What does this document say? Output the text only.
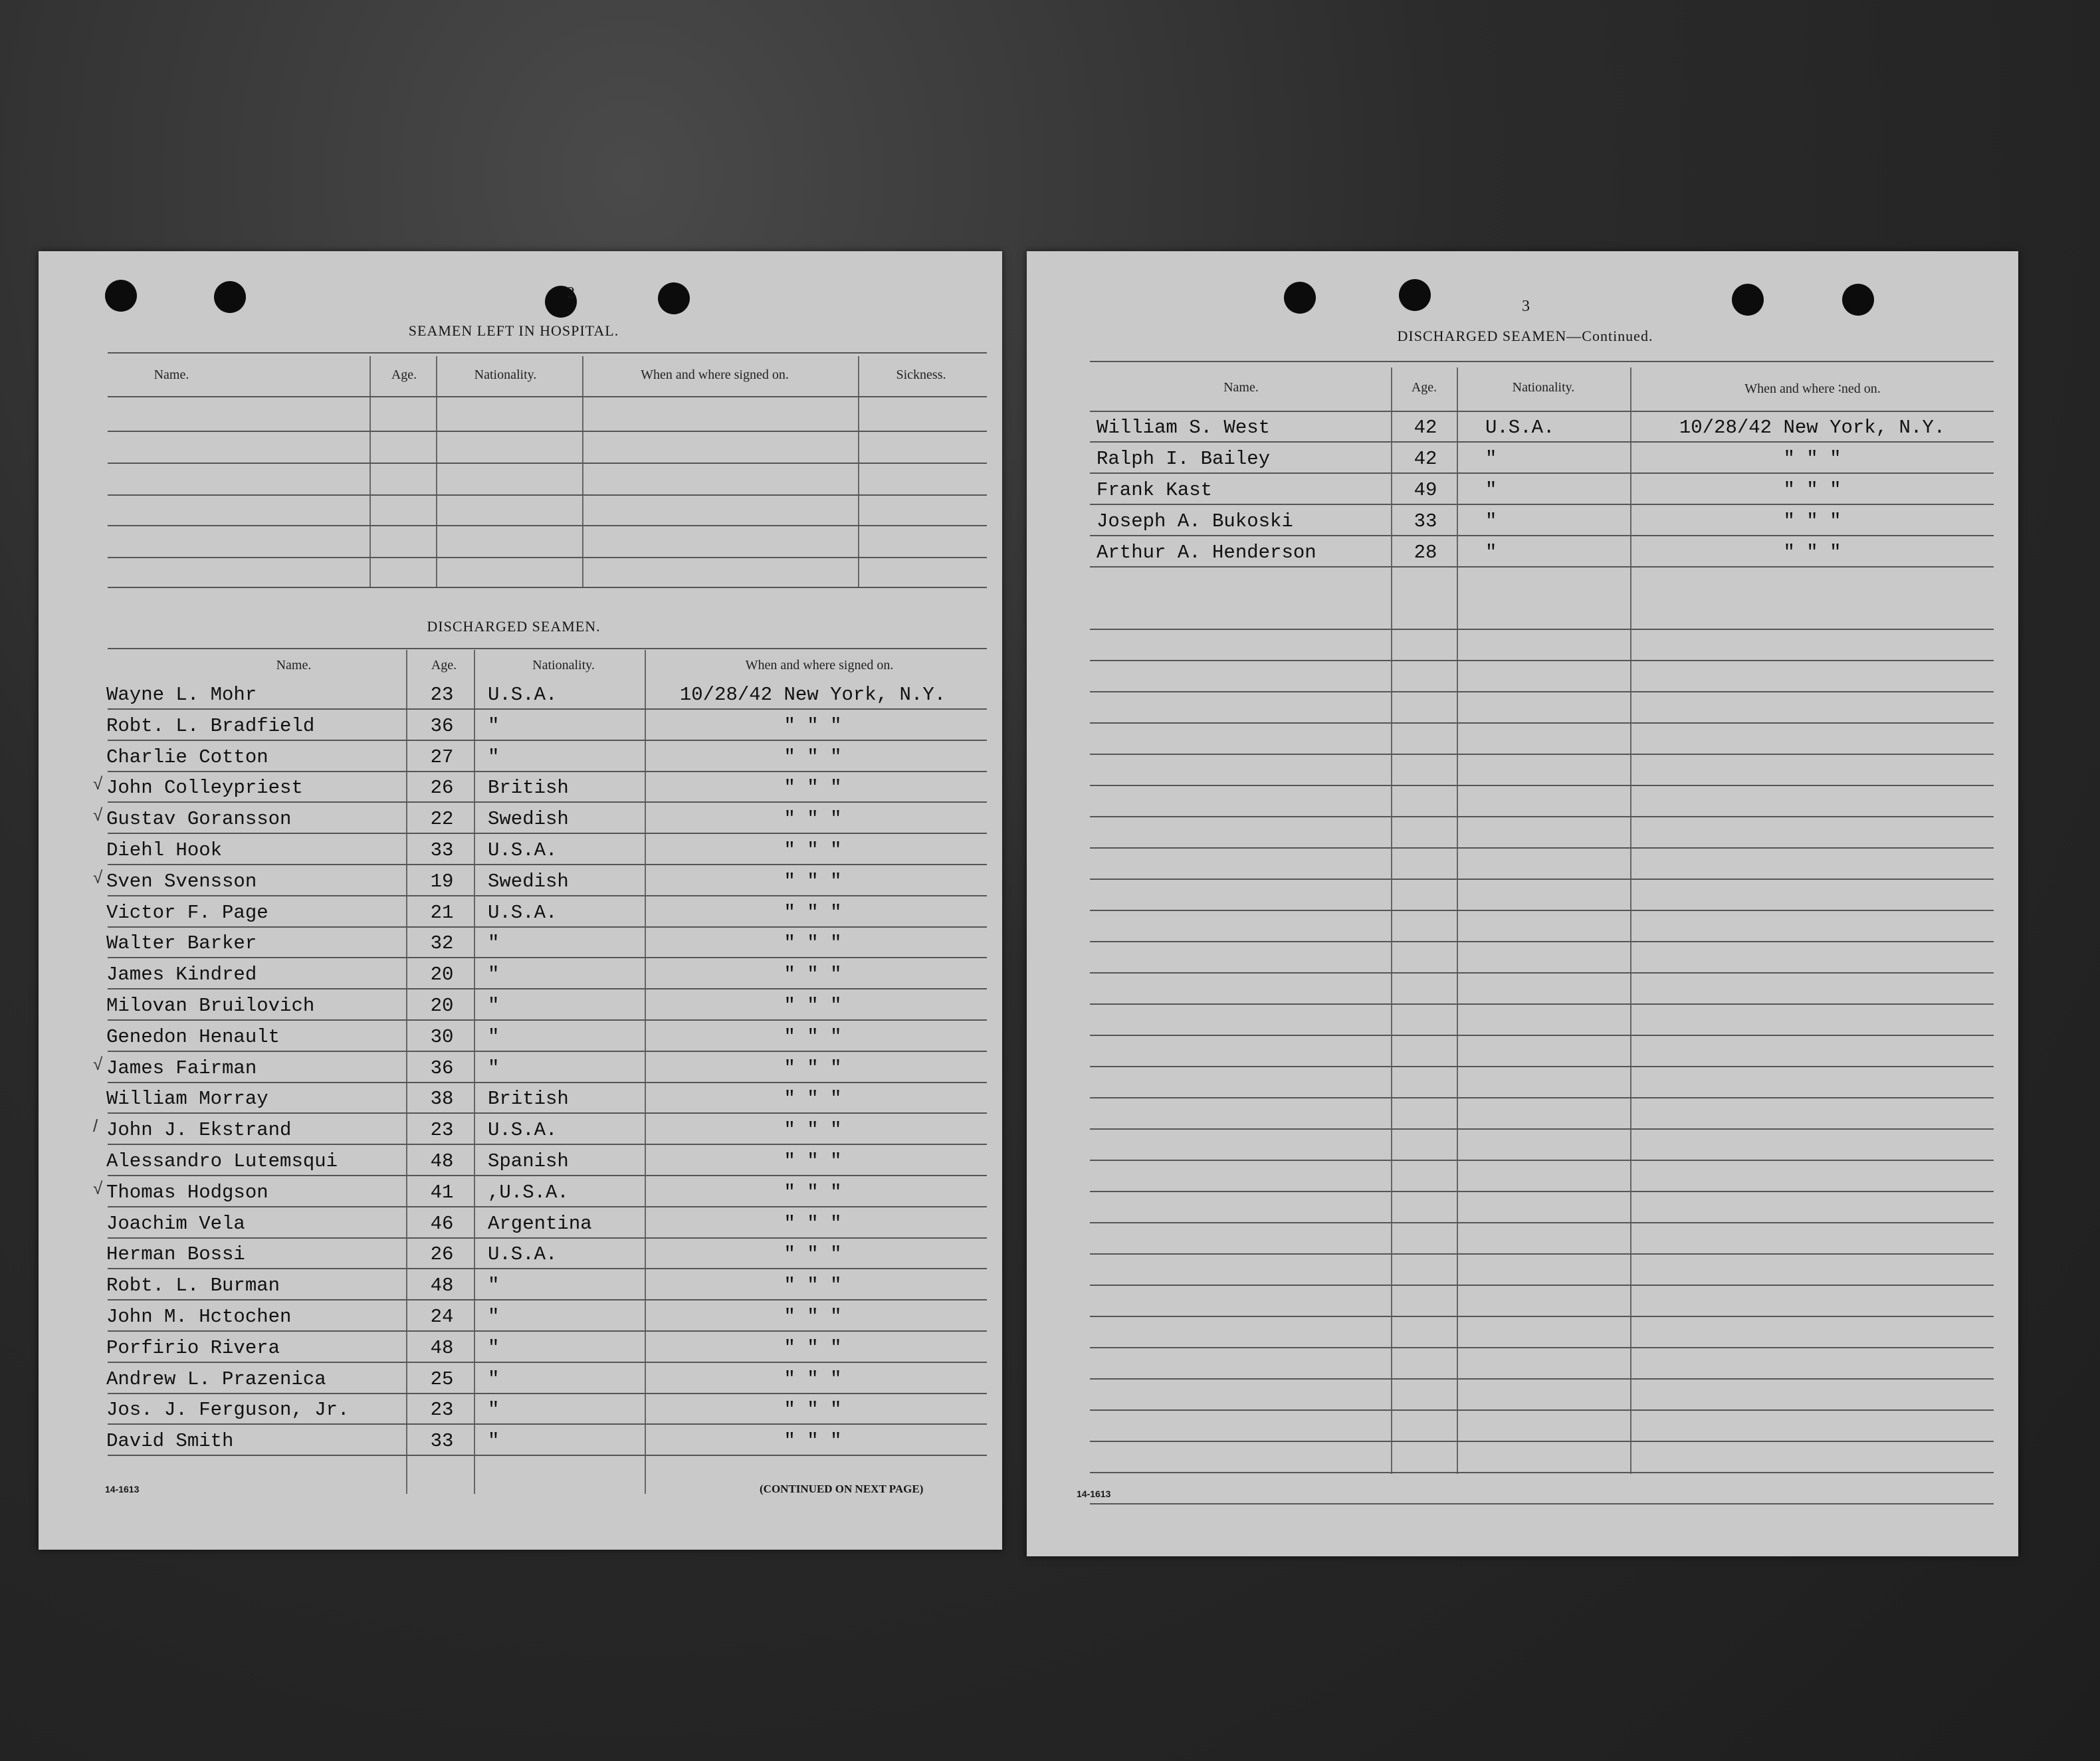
2
SEAMEN LEFT IN HOSPITAL.
Name.	Age.	Nationality.	When and where signed on.	Sickness.
DISCHARGED SEAMEN.
Name.	Age.	Nationality.	When and where signed on.
Wayne L. Mohr	23	U.S.A.	10/28/42 New York, N.Y.
Robt. L. Bradfield	36	"	" " "
Charlie Cotton	27	"	" " "
John Colleypriest	26	British	" " "
√
Gustav Goransson	22	Swedish	" " "
√
Diehl Hook	33	U.S.A.	" " "
Sven Svensson	19	Swedish	" " "
√
Victor F. Page	21	U.S.A.	" " "
Walter Barker	32	"	" " "
James Kindred	20	"	" " "
Milovan Bruilovich	20	"	" " "
Genedon Henault	30	"	" " "
James Fairman	36	"	" " "
√
William Morray	38	British	" " "
John J. Ekstrand	23	U.S.A.	" " "
/
Alessandro Lutemsqui	48	Spanish	" " "
Thomas Hodgson	41	,U.S.A.	" " "
√
Joachim Vela	46	Argentina	" " "
Herman Bossi	26	U.S.A.	" " "
Robt. L. Burman	48	"	" " "
John M. Hctochen	24	"	" " "
Porfirio Rivera	48	"	" " "
Andrew L. Prazenica	25	"	" " "
Jos. J. Ferguson, Jr.	23	"	" " "
David Smith	33	"	" " "
14-1613	(CONTINUED ON NEXT PAGE)
3
DISCHARGED SEAMEN—Continued.
Name.	Age.	Nationality.	When and where ∶ned on.
William S. West	42	U.S.A.	10/28/42 New York, N.Y.
Ralph I. Bailey	42	"	" " "
Frank Kast	49	"	" " "
Joseph A. Bukoski	33	"	" " "
Arthur A. Henderson	28	"	" " "
14-1613
